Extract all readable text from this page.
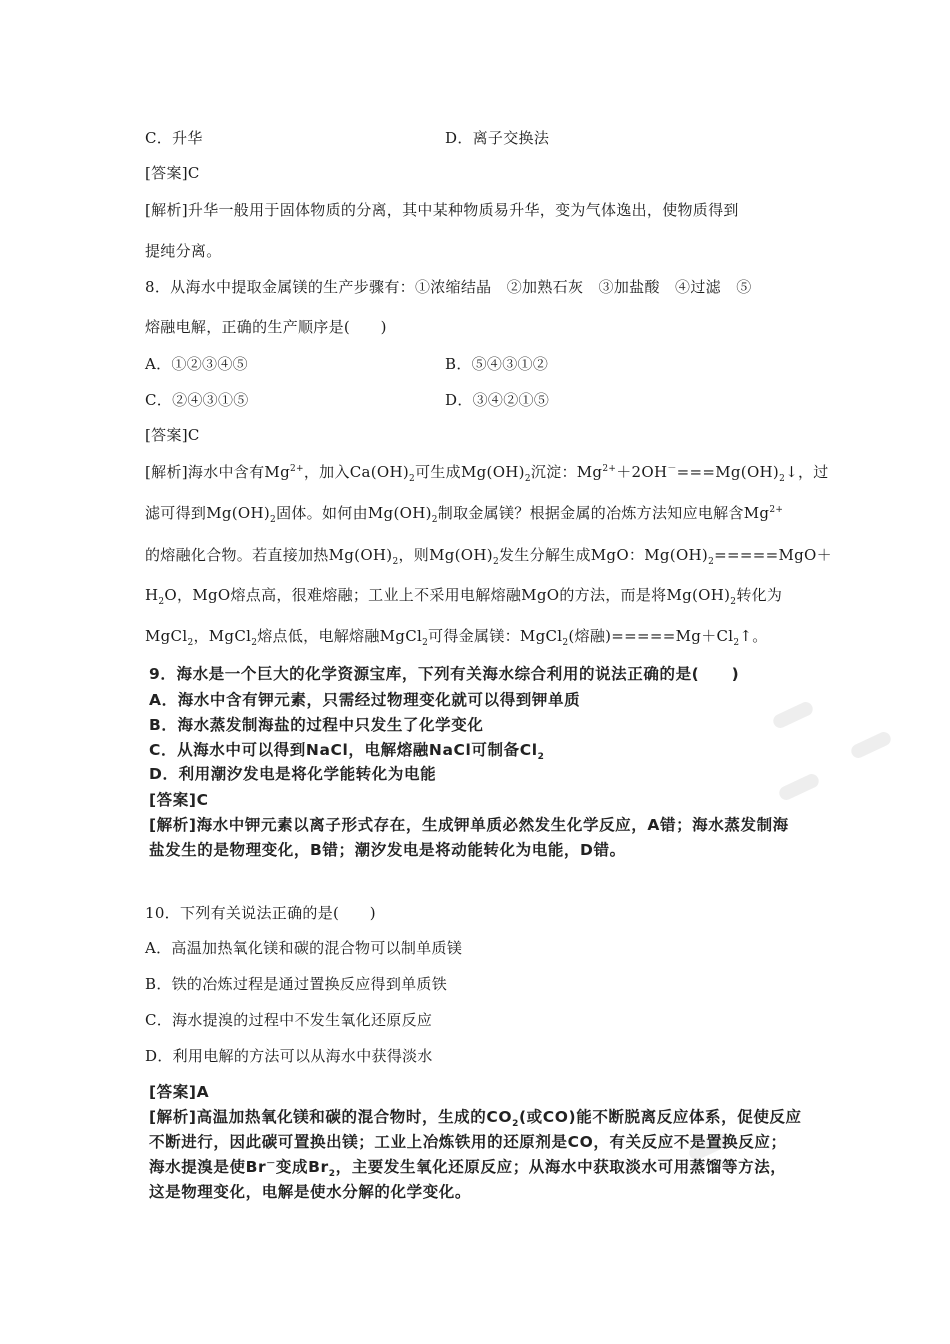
C．升华	D．离子交换法
[答案]C
[解析]升华一般用于固体物质的分离，其中某种物质易升华，变为气体逸出，使物质得到
提纯分离。
8．从海水中提取金属镁的生产步骤有：①浓缩结晶　②加熟石灰　③加盐酸　④过滤　⑤
熔融电解，正确的生产顺序是(　　)
A．①②③④⑤	B．⑤④③①②
C．②④③①⑤	D．③④②①⑤
[答案]C
[解析]海水中含有$Mg^{2+}$，加入$Ca(OH)_2$可生成$Mg(OH)_2$沉淀：$Mg^{2+}+2OH^-===Mg(OH)_2↓$，过
滤可得到$Mg(OH)_2$固体。如何由$Mg(OH)_2$制取金属镁？根据金属的冶炼方法知应电解含$Mg^{2+}$
的熔融化合物。若直接加热$Mg(OH)_2$，则$Mg(OH)_2$发生分解生成MgO：$Mg(OH)_2=====MgO+$
$H_2O$，MgO熔点高，很难熔融；工业上不采用电解熔融MgO的方法，而是将$Mg(OH)_2$转化为
MgCl$_2$，MgCl$_2$熔点低，电解熔融MgCl$_2$可得金属镁：MgCl$_2$(熔融)$=====Mg+Cl_2↑$。
9．海水是一个巨大的化学资源宝库，下列有关海水综合利用的说法正确的是(　　)
A．海水中含有钾元素，只需经过物理变化就可以得到钾单质
B．海水蒸发制海盐的过程中只发生了化学变化
C．从海水中可以得到NaCl，电解熔融NaCl可制备$Cl_2$
D．利用潮汐发电是将化学能转化为电能
[答案]C
[解析]海水中钾元素以离子形式存在，生成钾单质必然发生化学反应，A错；海水蒸发制海
盐发生的是物理变化，B错；潮汐发电是将动能转化为电能，D错。
10．下列有关说法正确的是(　　)
A．高温加热氧化镁和碳的混合物可以制单质镁
B．铁的冶炼过程是通过置换反应得到单质铁
C．海水提溴的过程中不发生氧化还原反应
D．利用电解的方法可以从海水中获得淡水
[答案]A
[解析]高温加热氧化镁和碳的混合物时，生成的$CO_2$(或CO)能不断脱离反应体系，促使反应
不断进行，因此碳可置换出镁；工业上冶炼铁用的还原剂是CO，有关反应不是置换反应；
海水提溴是使Br－变成$Br_2$，主要发生氧化还原反应；从海水中获取淡水可用蒸馏等方法，
这是物理变化，电解是使水分解的化学变化。
